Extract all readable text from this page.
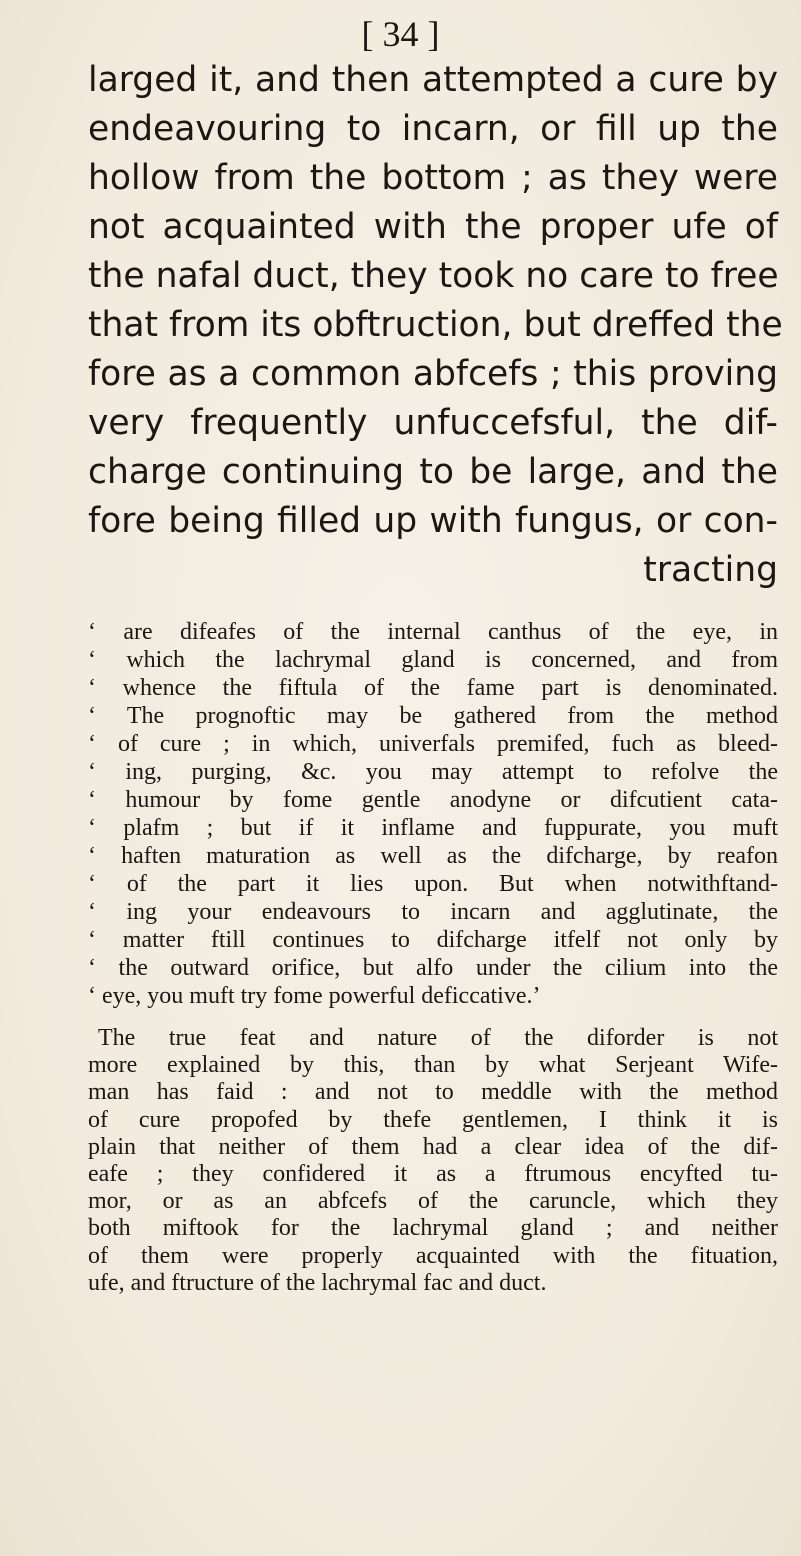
[ 34 ]
larged it, and then attempted a cure by
endeavouring to incarn, or fill up the
hollow from the bottom ; as they were
not acquainted with the proper ufe of
the nafal duct, they took no care to free
that from its obftruction, but dreffed the
fore as a common abfcefs ; this proving
very frequently unfuccefsful, the dif-
charge continuing to be large, and the
fore being filled up with fungus, or con-
tracting
‘ are difeafes of the internal canthus of the eye, in
‘ which the lachrymal gland is concerned, and from
‘ whence the fiftula of the fame part is denominated.
‘ The prognoftic may be gathered from the method
‘ of cure ; in which, univerfals premifed, fuch as bleed-
‘ ing, purging, &c. you may attempt to refolve the
‘ humour by fome gentle anodyne or difcutient cata-
‘ plafm ; but if it inflame and fuppurate, you muft
‘ haften maturation as well as the difcharge, by reafon
‘ of the part it lies upon. But when notwithftand-
‘ ing your endeavours to incarn and agglutinate, the
‘ matter ftill continues to difcharge itfelf not only by
‘ the outward orifice, but alfo under the cilium into the
‘ eye, you muft try fome powerful deficcative.’
The true feat and nature of the diforder is not
more explained by this, than by what Serjeant Wife-
man has faid : and not to meddle with the method
of cure propofed by thefe gentlemen, I think it is
plain that neither of them had a clear idea of the dif-
eafe ; they confidered it as a ftrumous encyfted tu-
mor, or as an abfcefs of the caruncle, which they
both miftook for the lachrymal gland ; and neither
of them were properly acquainted with the fituation,
ufe, and ftructure of the lachrymal fac and duct.
